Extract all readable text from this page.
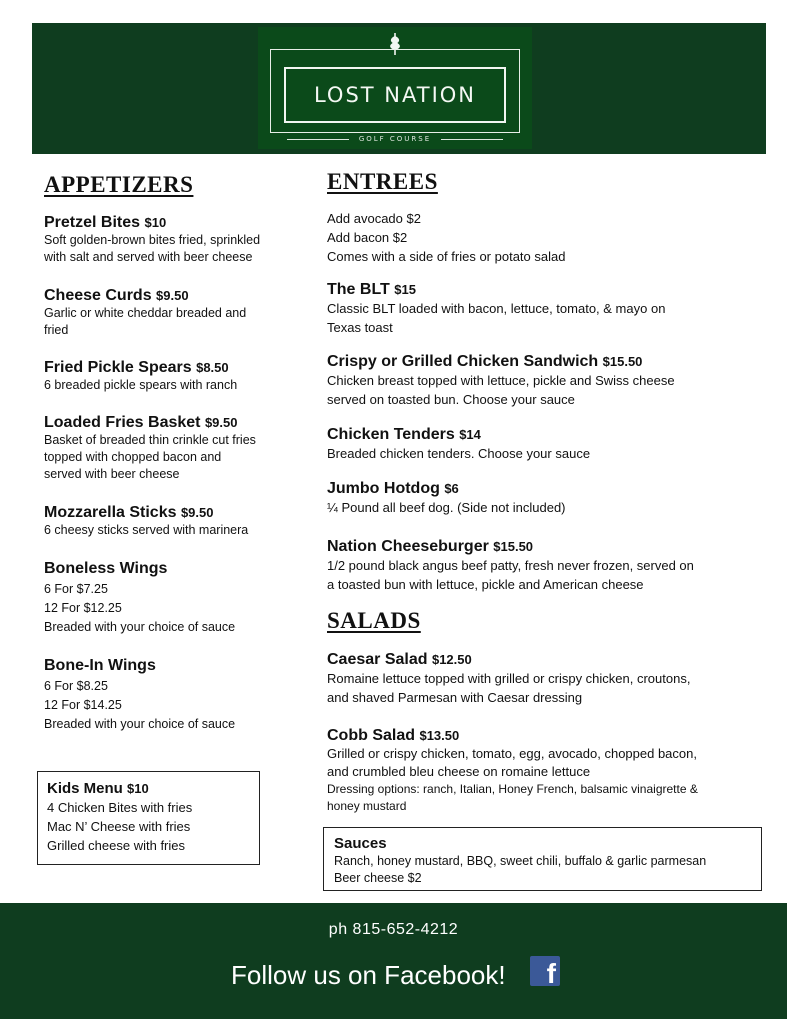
LOST NATION
GOLF COURSE
APPETIZERS
Pretzel Bites $10
Soft golden-brown bites fried, sprinkled
with salt and served with beer cheese
Cheese Curds $9.50
Garlic or white cheddar breaded and
fried
Fried Pickle Spears $8.50
6 breaded pickle spears with ranch
Loaded Fries Basket $9.50
Basket of breaded thin crinkle cut fries
topped with chopped bacon and
served with beer cheese
Mozzarella Sticks $9.50
6 cheesy sticks served with marinera
Boneless Wings
6 For $7.25
12 For $12.25
Breaded with your choice of sauce
Bone-In Wings
6 For $8.25
12 For $14.25
Breaded with your choice of sauce
Kids Menu $10
4 Chicken Bites with fries
Mac N’ Cheese with fries
Grilled cheese with fries
ENTREES
Add avocado $2
Add bacon $2
Comes with a side of fries or potato salad
The BLT $15
Classic BLT loaded with bacon, lettuce, tomato, & mayo on
Texas toast
Crispy or Grilled Chicken Sandwich $15.50
Chicken breast topped with lettuce, pickle and Swiss cheese
served on toasted bun. Choose your sauce
Chicken Tenders $14
Breaded chicken tenders. Choose your sauce
Jumbo Hotdog $6
¼ Pound all beef dog. (Side not included)
Nation Cheeseburger $15.50
1/2 pound black angus beef patty, fresh never frozen, served on
a toasted bun with lettuce, pickle and American cheese
SALADS
Caesar Salad $12.50
Romaine lettuce topped with grilled or crispy chicken, croutons,
and shaved Parmesan with Caesar dressing
Cobb Salad $13.50
Grilled or crispy chicken, tomato, egg, avocado, chopped bacon,
and crumbled bleu cheese on romaine lettuce
Dressing options: ranch, Italian, Honey French, balsamic vinaigrette &
honey mustard
Sauces
Ranch, honey mustard, BBQ, sweet chili, buffalo & garlic parmesan
Beer cheese $2
ph 815-652-4212
Follow us on Facebook! f
